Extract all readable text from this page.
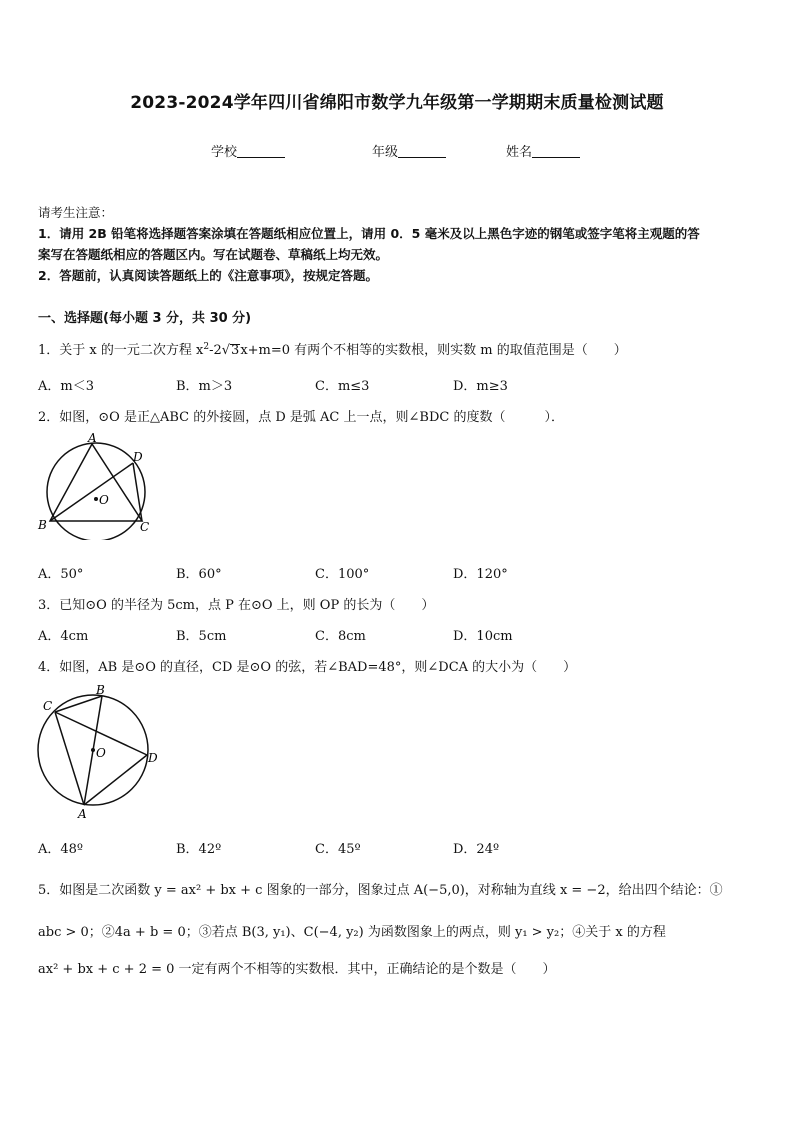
2023-2024学年四川省绵阳市数学九年级第一学期期末质量检测试题
学校	年级	姓名
请考生注意：
1．请用 2B 铅笔将选择题答案涂填在答题纸相应位置上，请用 0．5 毫米及以上黑色字迹的钢笔或签字笔将主观题的答
案写在答题纸相应的答题区内。写在试题卷、草稿纸上均无效。
2．答题前，认真阅读答题纸上的《注意事项》，按规定答题。
一、选择题(每小题 3 分，共 30 分)
1．关于 x 的一元二次方程 $x^2-2√3x+m=0$ 有两个不相等的实数根，则实数 m 的取值范围是（　　）
A．m＜3	B．m＞3	C．m≤3	D．m≥3
2．如图，⊙O 是正△ABC 的外接圆，点 D 是弧 AC 上一点，则∠BDC 的度数（　　　）．
A
D
O
B	C
A．50°	B．60°	C．100°	D．120°
3．已知⊙O 的半径为 5cm，点 P 在⊙O 上，则 OP 的长为（　　）
A．4cm	B．5cm	C．8cm	D．10cm
4．如图，AB 是⊙O 的直径，CD 是⊙O 的弦，若∠BAD=48°，则∠DCA 的大小为（　　）
B
C
O	D
A
A．48º	B．42º	C．45º	D．24º
5．如图是二次函数 y = ax² + bx + c 图象的一部分，图象过点 A(−5,0)，对称轴为直线 x = −2，给出四个结论：①
abc > 0；②4a + b = 0；③若点 B(3, y₁)、C(−4, y₂) 为函数图象上的两点，则 y₁ > y₂；④关于 x 的方程
ax² + bx + c + 2 = 0 一定有两个不相等的实数根．其中，正确结论的是个数是（　　）
